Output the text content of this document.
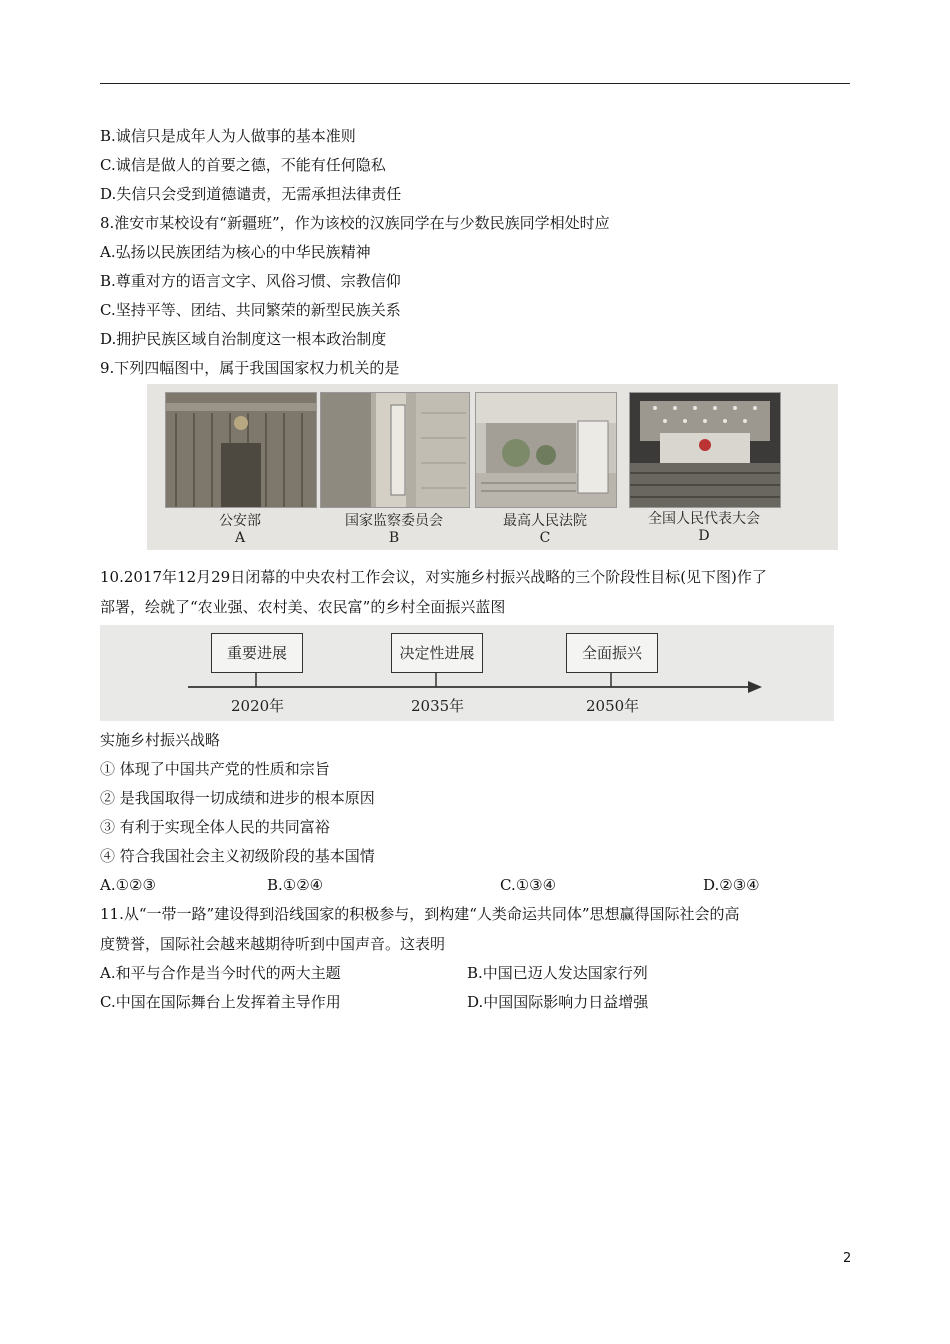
B.诚信只是成年人为人做事的基本准则
C.诚信是做人的首要之德，不能有任何隐私
D.失信只会受到道德谴责，无需承担法律责任
8.淮安市某校设有“新疆班”，作为该校的汉族同学在与少数民族同学相处时应
A.弘扬以民族团结为核心的中华民族精神
B.尊重对方的语言文字、风俗习惯、宗教信仰
C.坚持平等、团结、共同繁荣的新型民族关系
D.拥护民族区域自治制度这一根本政治制度
9.下列四幅图中，属于我国国家权力机关的是
公安部
A
国家监察委员会
B
最高人民法院
C
全国人民代表大会
D
10.2017年12月29日闭幕的中央农村工作会议，对实施乡村振兴战略的三个阶段性目标(见下图)作了
部署，绘就了“农业强、农村美、农民富”的乡村全面振兴蓝图
重要进展	决定性进展	全面振兴
2020年	2035年	2050年
实施乡村振兴战略
① 体现了中国共产党的性质和宗旨
② 是我国取得一切成绩和进步的根本原因
③ 有利于实现全体人民的共同富裕
④ 符合我国社会主义初级阶段的基本国情
A.①②③	B.①②④	C.①③④	D.②③④
11.从“一带一路”建设得到沿线国家的积极参与，到构建“人类命运共同体”思想赢得国际社会的高
度赞誉，国际社会越来越期待听到中国声音。这表明
A.和平与合作是当今时代的两大主题	B.中国已迈人发达国家行列
C.中国在国际舞台上发挥着主导作用	D.中国国际影响力日益增强
2
